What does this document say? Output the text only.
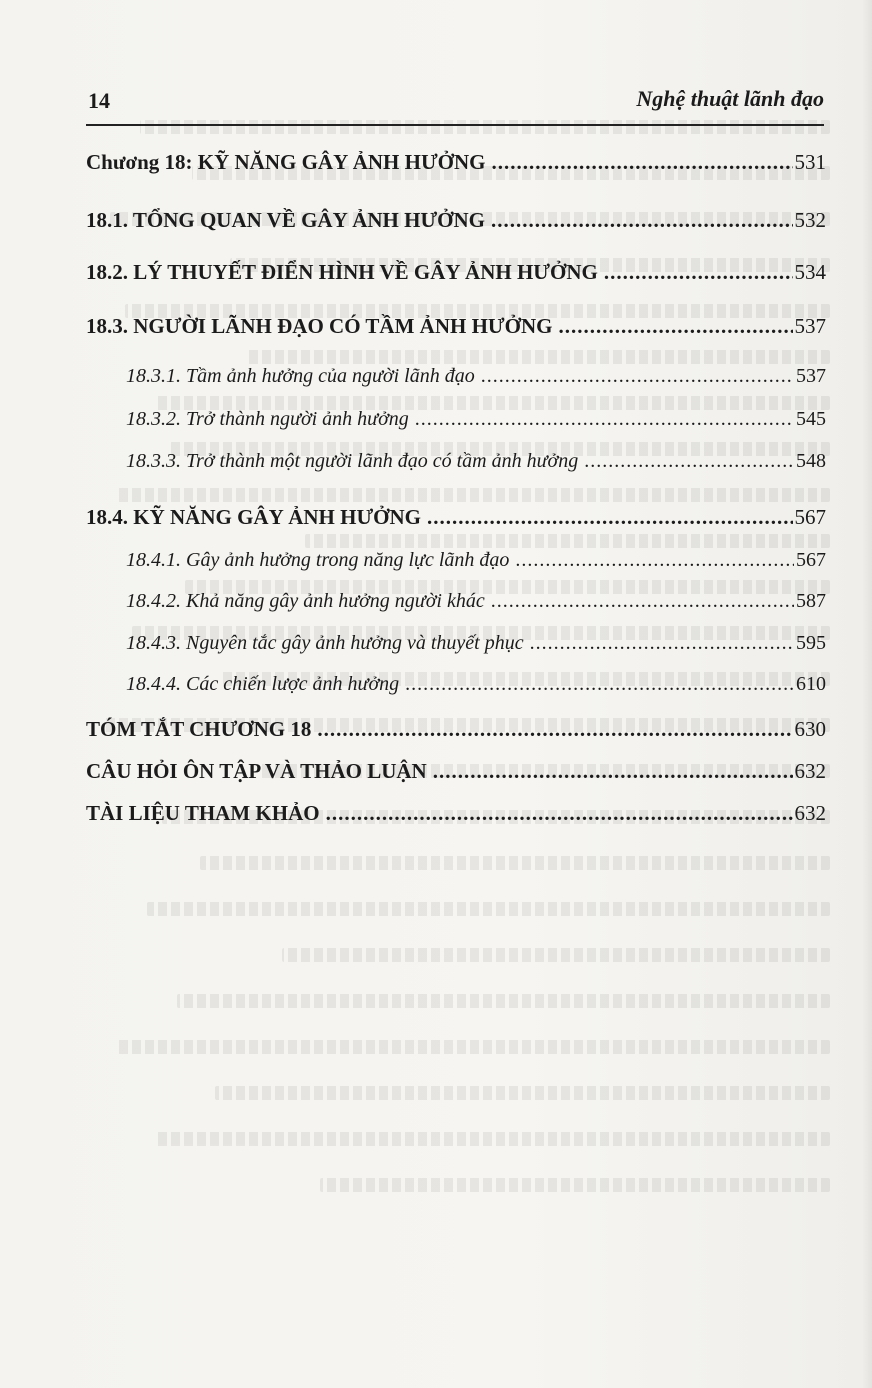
14	Nghệ thuật lãnh đạo
Chương 18: KỸ NĂNG GÂY ẢNH HƯỞNG .....	531
18.1. TỔNG QUAN VỀ GÂY ẢNH HƯỞNG .....	532
18.2. LÝ THUYẾT ĐIỂN HÌNH VỀ GÂY ẢNH HƯỞNG .....	534
18.3. NGƯỜI LÃNH ĐẠO CÓ TẦM ẢNH HƯỞNG .....	537
18.3.1. Tầm ảnh hưởng của người lãnh đạo .....	537
18.3.2. Trở thành người ảnh hưởng .....	545
18.3.3. Trở thành một người lãnh đạo có tầm ảnh hưởng .....	548
18.4. KỸ NĂNG GÂY ẢNH HƯỞNG .....	567
18.4.1. Gây ảnh hưởng trong năng lực lãnh đạo .....	567
18.4.2. Khả năng gây ảnh hưởng người khác .....	587
18.4.3. Nguyên tắc gây ảnh hưởng và thuyết phục .....	595
18.4.4. Các chiến lược ảnh hưởng .....	610
TÓM TẮT CHƯƠNG 18 .....	630
CÂU HỎI ÔN TẬP VÀ THẢO LUẬN .....	632
TÀI LIỆU THAM KHẢO .....	632
